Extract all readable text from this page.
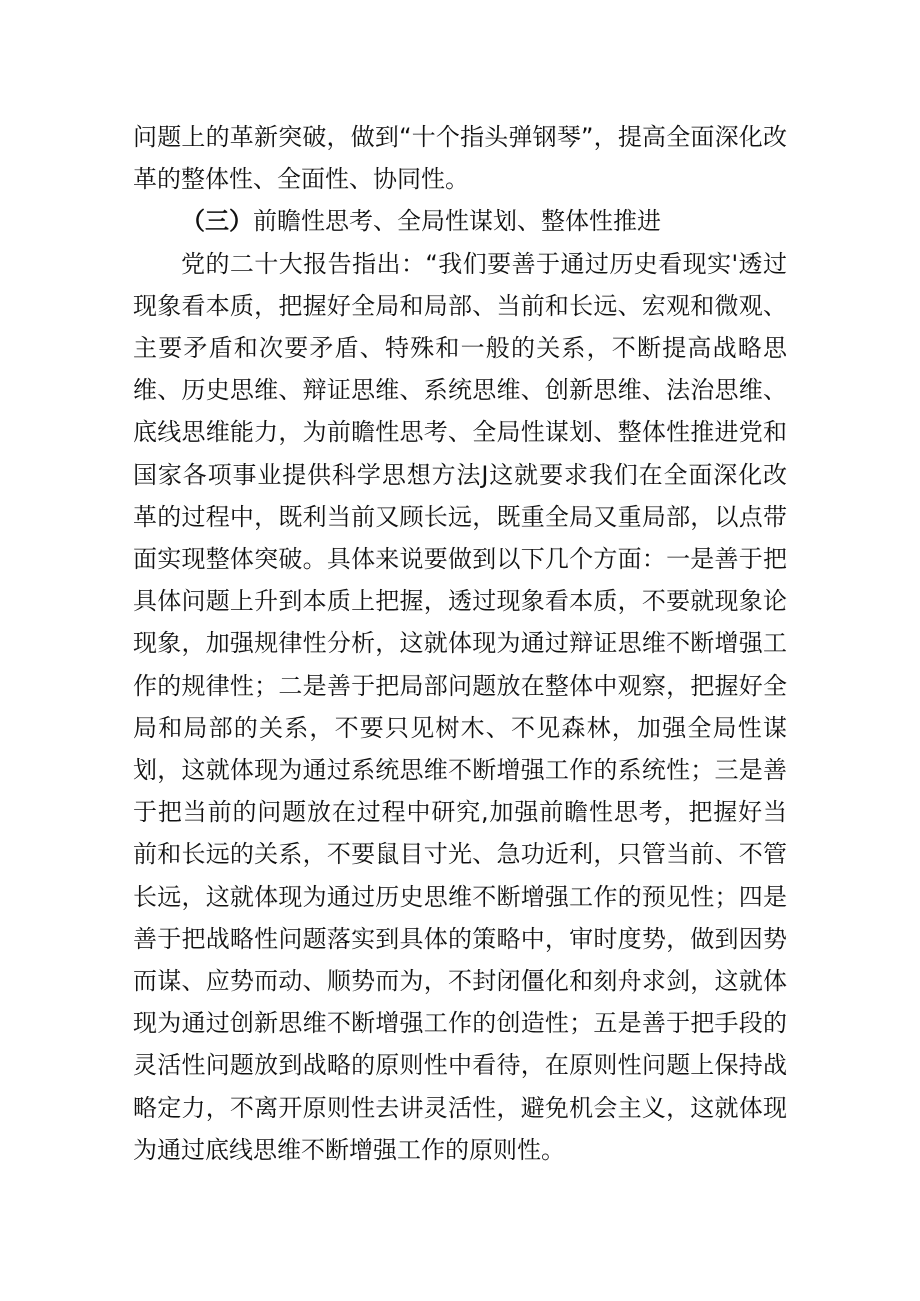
问题上的革新突破，做到“十个指头弹钢琴”，提高全面深化改革的整体性、全面性、协同性。

（三）前瞻性思考、全局性谋划、整体性推进

党的二十大报告指出：“我们要善于通过历史看现实'透过现象看本质，把握好全局和局部、当前和长远、宏观和微观、主要矛盾和次要矛盾、特殊和一般的关系，不断提高战略思维、历史思维、辩证思维、系统思维、创新思维、法治思维、底线思维能力，为前瞻性思考、全局性谋划、整体性推进党和国家各项事业提供科学思想方法J这就要求我们在全面深化改革的过程中，既利当前又顾长远，既重全局又重局部，以点带面实现整体突破。具体来说要做到以下几个方面：一是善于把具体问题上升到本质上把握，透过现象看本质，不要就现象论现象，加强规律性分析，这就体现为通过辩证思维不断增强工作的规律性；二是善于把局部问题放在整体中观察，把握好全局和局部的关系，不要只见树木、不见森林，加强全局性谋划，这就体现为通过系统思维不断增强工作的系统性；三是善于把当前的问题放在过程中研究,加强前瞻性思考，把握好当前和长远的关系，不要鼠目寸光、急功近利，只管当前、不管长远，这就体现为通过历史思维不断增强工作的预见性；四是善于把战略性问题落实到具体的策略中，审时度势，做到因势而谋、应势而动、顺势而为，不封闭僵化和刻舟求剑，这就体现为通过创新思维不断增强工作的创造性；五是善于把手段的灵活性问题放到战略的原则性中看待，在原则性问题上保持战略定力，不离开原则性去讲灵活性，避免机会主义，这就体现为通过底线思维不断增强工作的原则性。
